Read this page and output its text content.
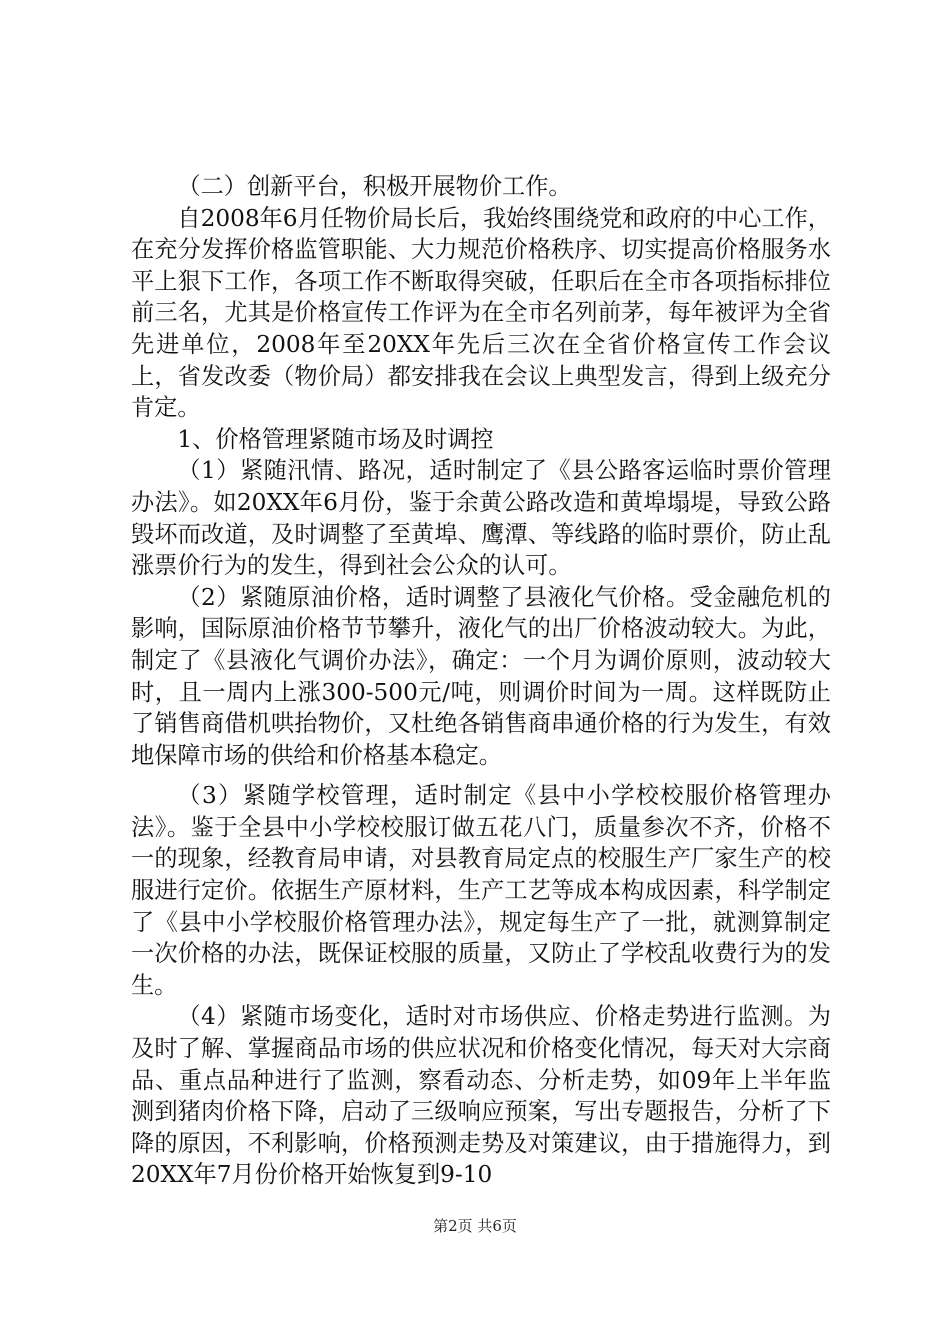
（二）创新平台，积极开展物价工作。

自2008年6月任物价局长后，我始终围绕党和政府的中心工作，在充分发挥价格监管职能、大力规范价格秩序、切实提高价格服务水平上狠下工作，各项工作不断取得突破，任职后在全市各项指标排位前三名，尤其是价格宣传工作评为在全市名列前茅，每年被评为全省先进单位，2008年至20XX年先后三次在全省价格宣传工作会议上，省发改委（物价局）都安排我在会议上典型发言，得到上级充分肯定。

1、价格管理紧随市场及时调控

（1）紧随汛情、路况，适时制定了《县公路客运临时票价管理办法》。如20XX年6月份，鉴于余黄公路改造和黄埠塌堤，导致公路毁坏而改道，及时调整了至黄埠、鹰潭、等线路的临时票价，防止乱涨票价行为的发生，得到社会公众的认可。

（2）紧随原油价格，适时调整了县液化气价格。受金融危机的影响，国际原油价格节节攀升，液化气的出厂价格波动较大。为此，制定了《县液化气调价办法》，确定：一个月为调价原则，波动较大时，且一周内上涨300-500元/吨，则调价时间为一周。这样既防止了销售商借机哄抬物价，又杜绝各销售商串通价格的行为发生，有效地保障市场的供给和价格基本稳定。

（3）紧随学校管理，适时制定《县中小学校校服价格管理办法》。鉴于全县中小学校校服订做五花八门，质量参次不齐，价格不一的现象，经教育局申请，对县教育局定点的校服生产厂家生产的校服进行定价。依据生产原材料，生产工艺等成本构成因素，科学制定了《县中小学校服价格管理办法》，规定每生产了一批，就测算制定一次价格的办法，既保证校服的质量，又防止了学校乱收费行为的发生。

（4）紧随市场变化，适时对市场供应、价格走势进行监测。为及时了解、掌握商品市场的供应状况和价格变化情况，每天对大宗商品、重点品种进行了监测，察看动态、分析走势，如09年上半年监测到猪肉价格下降，启动了三级响应预案，写出专题报告，分析了下降的原因，不利影响，价格预测走势及对策建议，由于措施得力，到20XX年7月份价格开始恢复到9-10

第2页 共6页
